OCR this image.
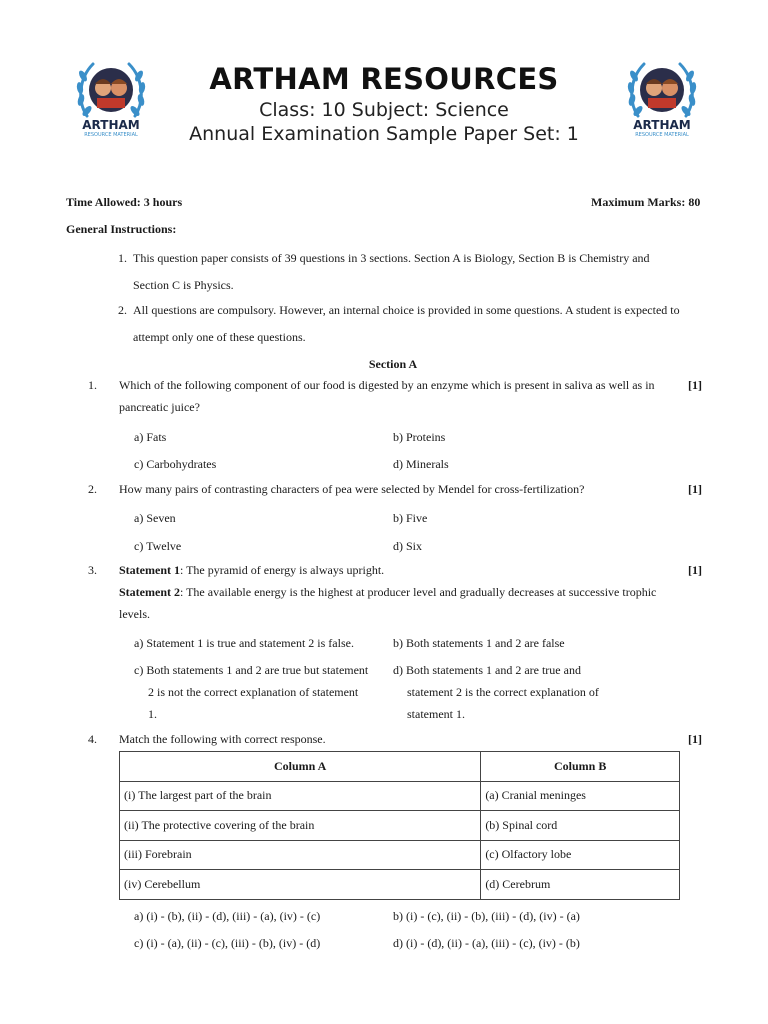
ARTHAM
RESOURCE MATERIAL
ARTHAM
RESOURCE MATERIAL
ARTHAM RESOURCES
Class: 10 Subject: Science
Annual Examination Sample Paper Set: 1
Time Allowed: 3 hours	Maximum Marks: 80
General Instructions:
1. This question paper consists of 39 questions in 3 sections. Section A is Biology, Section B is Chemistry and
Section C is Physics.
2. All questions are compulsory. However, an internal choice is provided in some questions. A student is expected to
attempt only one of these questions.
Section A
1.	Which of the following component of our food is digested by an enzyme which is present in saliva as well as in pancreatic juice?
[1]
a) Fats	b) Proteins
c) Carbohydrates	d) Minerals
2.	How many pairs of contrasting characters of pea were selected by Mendel for cross-fertilization?	[1]
a) Seven	b) Five
c) Twelve	d) Six
3.	Statement 1: The pyramid of energy is always upright.	[1]
Statement 2: The available energy is the highest at producer level and gradually decreases at successive trophic levels.
a) Statement 1 is true and statement 2 is false.	b) Both statements 1 and 2 are false
c) Both statements 1 and 2 are true but statement 2 is not the correct explanation of statement 1.
d) Both statements 1 and 2 are true and statement 2 is the correct explanation of statement 1.
4.	Match the following with correct response.	[1]
Column A	Column B
(i) The largest part of the brain	(a) Cranial meninges
(ii) The protective covering of the brain	(b) Spinal cord
(iii) Forebrain	(c) Olfactory lobe
(iv) Cerebellum	(d) Cerebrum
a) (i) - (b), (ii) - (d), (iii) - (a), (iv) - (c)	b) (i) - (c), (ii) - (b), (iii) - (d), (iv) - (a)
c) (i) - (a), (ii) - (c), (iii) - (b), (iv) - (d)	d) (i) - (d), (ii) - (a), (iii) - (c), (iv) - (b)
